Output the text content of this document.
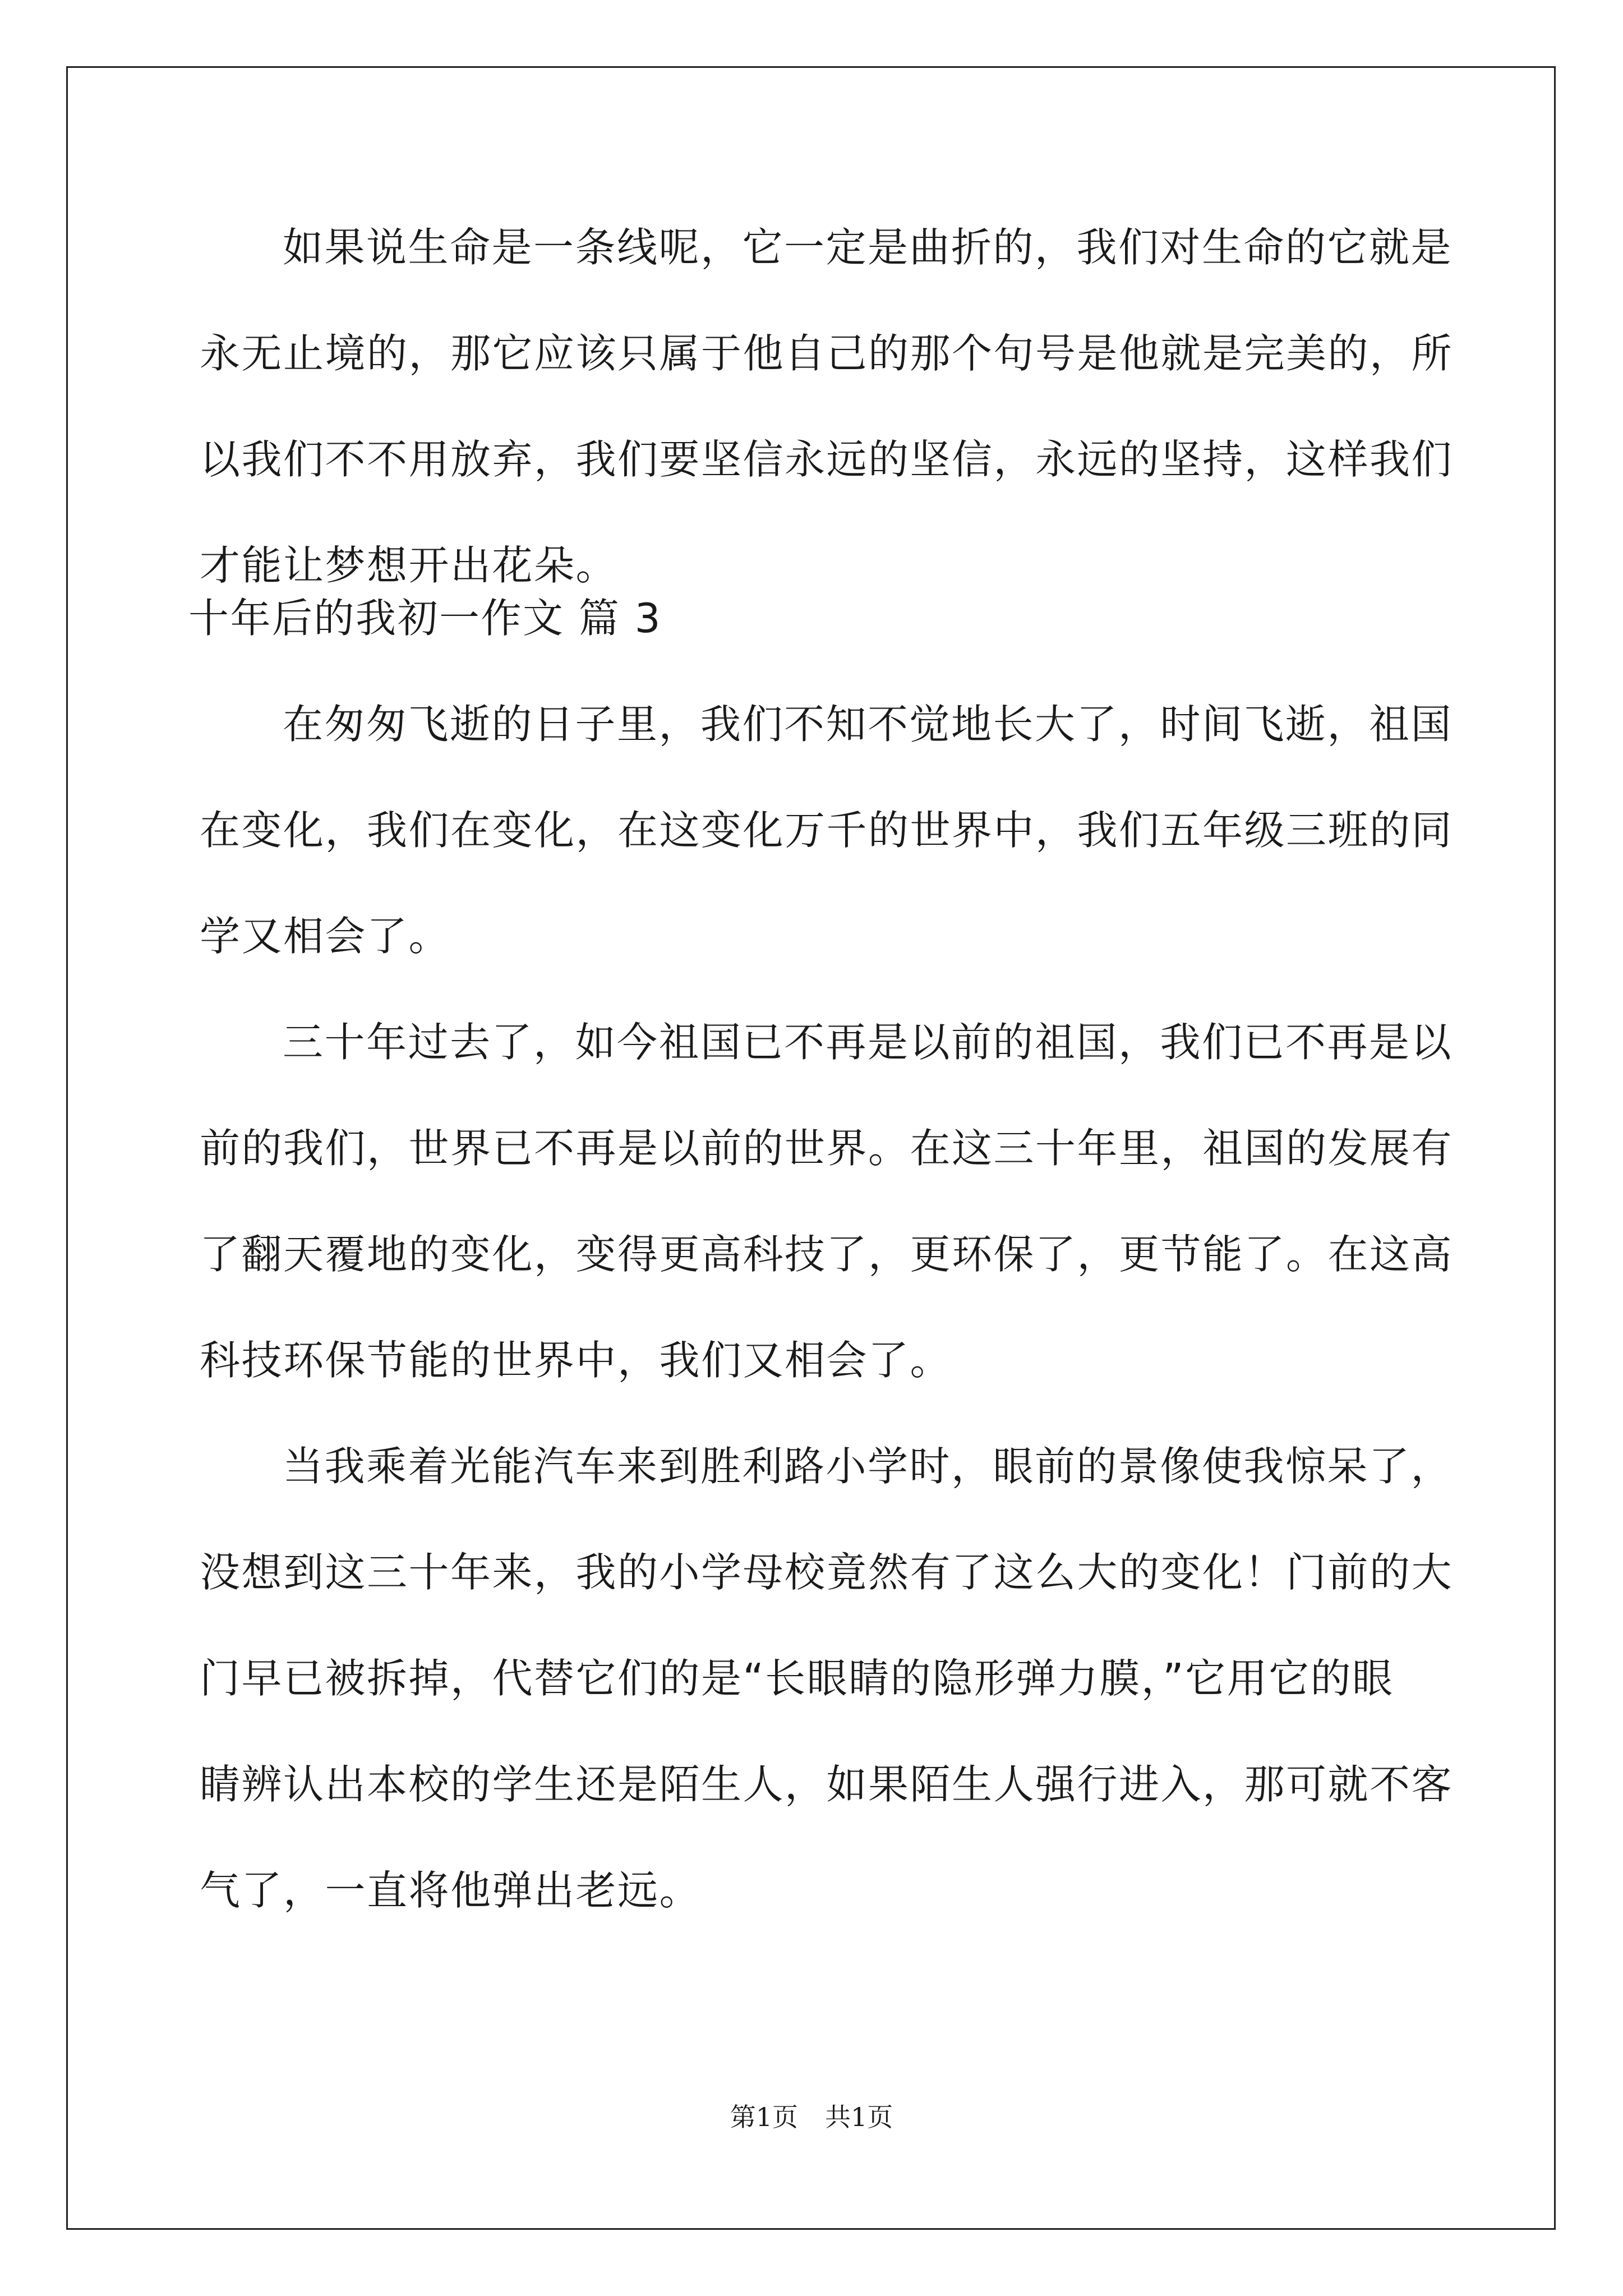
如果说生命是一条线呢，它一定是曲折的，我们对生命的它就是

永无止境的，那它应该只属于他自己的那个句号是他就是完美的，所

以我们不不用放弃，我们要坚信永远的坚信，永远的坚持，这样我们

才能让梦想开出花朵。

十年后的我初一作文 篇 3

在匆匆飞逝的日子里，我们不知不觉地长大了，时间飞逝，祖国

在变化，我们在变化，在这变化万千的世界中，我们五年级三班的同

学又相会了。

三十年过去了，如今祖国已不再是以前的祖国，我们已不再是以

前的我们，世界已不再是以前的世界。在这三十年里，祖国的发展有

了翻天覆地的变化，变得更高科技了，更环保了，更节能了。在这高

科技环保节能的世界中，我们又相会了。

当我乘着光能汽车来到胜利路小学时，眼前的景像使我惊呆了，

没想到这三十年来，我的小学母校竟然有了这么大的变化！门前的大

门早已被拆掉，代替它们的是“长眼睛的隐形弹力膜，”它用它的眼

睛辨认出本校的学生还是陌生人，如果陌生人强行进入，那可就不客

气了，一直将他弹出老远。

第1页 共1页
